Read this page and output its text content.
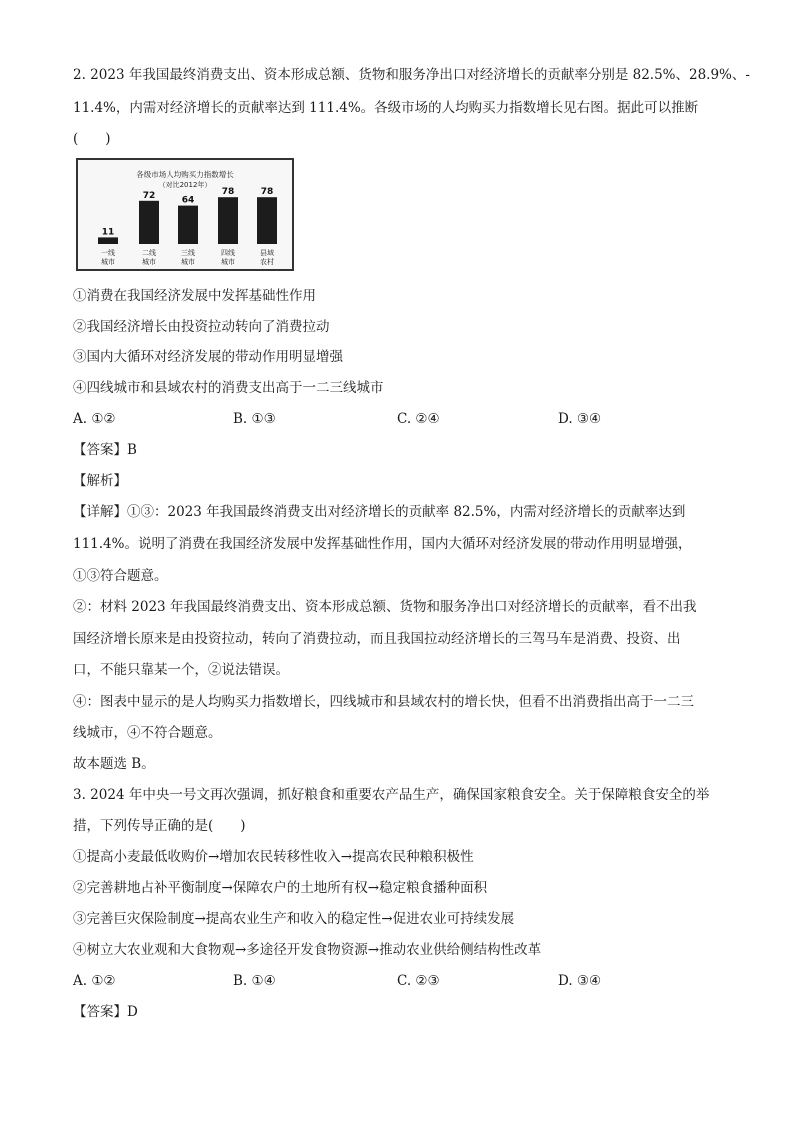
2. 2023 年我国最终消费支出、资本形成总额、货物和服务净出口对经济增长的贡献率分别是 82.5%、28.9%、-
11.4%，内需对经济增长的贡献率达到 111.4%。各级市场的人均购买力指数增长见右图。据此可以推断
(　　)
各级市场人均购买力指数增长
（对比2012年）
11
一线
城市
72
二线
城市
64
三线
城市
78
四线
城市
78
县域
农村
①消费在我国经济发展中发挥基础性作用
②我国经济增长由投资拉动转向了消费拉动
③国内大循环对经济发展的带动作用明显增强
④四线城市和县域农村的消费支出高于一二三线城市
A. ①②	B. ①③	C. ②④	D. ③④
【答案】B
【解析】
【详解】①③：2023 年我国最终消费支出对经济增长的贡献率 82.5%，内需对经济增长的贡献率达到
111.4%。说明了消费在我国经济发展中发挥基础性作用，国内大循环对经济发展的带动作用明显增强，
①③符合题意。
②：材料 2023 年我国最终消费支出、资本形成总额、货物和服务净出口对经济增长的贡献率，看不出我
国经济增长原来是由投资拉动，转向了消费拉动，而且我国拉动经济增长的三驾马车是消费、投资、出
口，不能只靠某一个，②说法错误。
④：图表中显示的是人均购买力指数增长，四线城市和县域农村的增长快，但看不出消费指出高于一二三
线城市，④不符合题意。
故本题选 B。
3. 2024 年中央一号文再次强调，抓好粮食和重要农产品生产，确保国家粮食安全。关于保障粮食安全的举
措，下列传导正确的是(　　)
①提高小麦最低收购价→增加农民转移性收入→提高农民种粮积极性
②完善耕地占补平衡制度→保障农户的土地所有权→稳定粮食播种面积
③完善巨灾保险制度→提高农业生产和收入的稳定性→促进农业可持续发展
④树立大农业观和大食物观→多途径开发食物资源→推动农业供给侧结构性改革
A. ①②	B. ①④	C. ②③	D. ③④
【答案】D
